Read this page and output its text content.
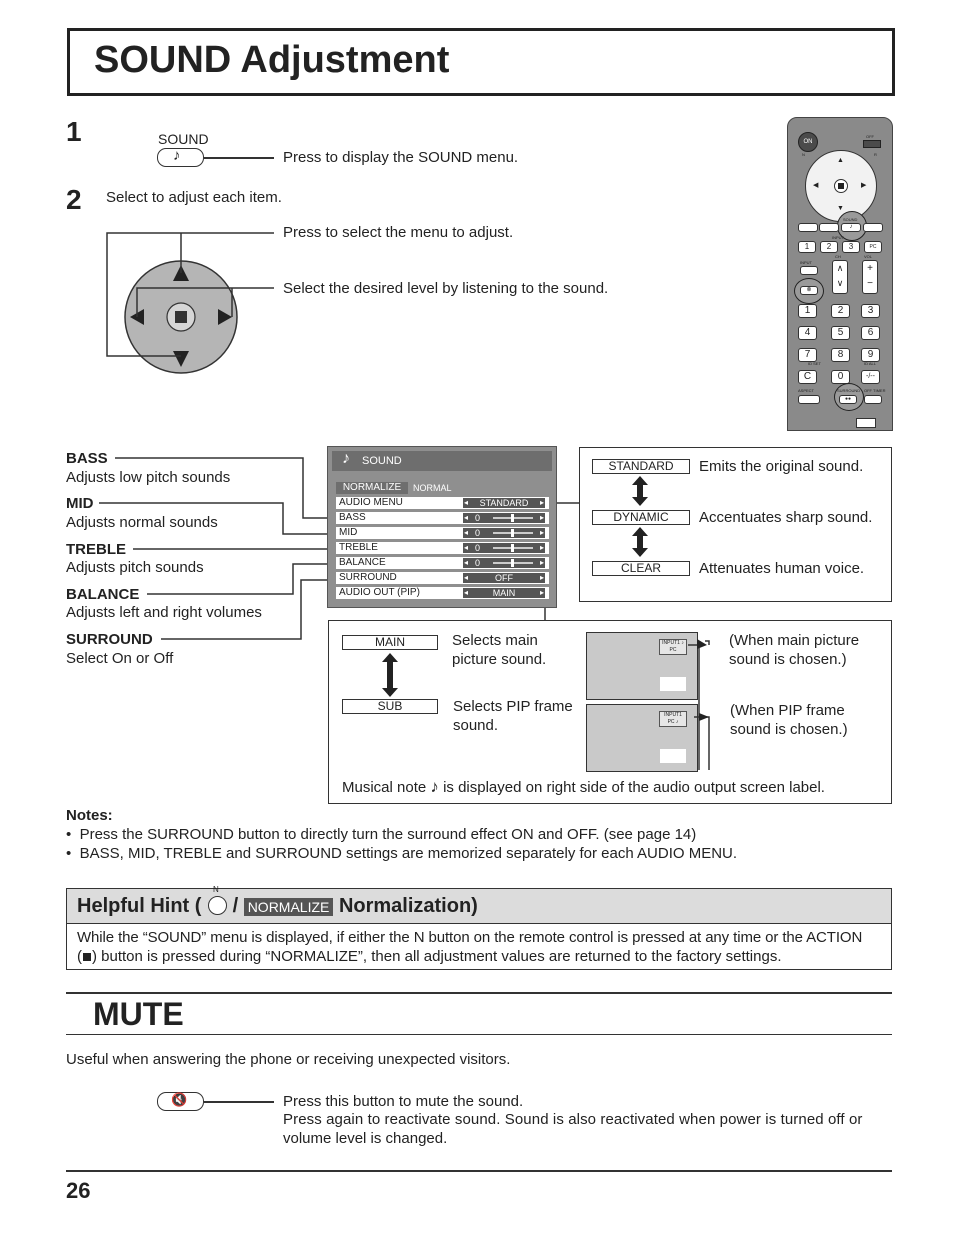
SOUND Adjustment
1	SOUND
♪	Press to display the SOUND menu.
2 Select to adjust each item.
Press to select the menu to adjust.
Select the desired level by listening to the sound.
ON
OFF
N	R
▲
▼
◀	▶
SOUND
♪
INPUT
1	2	3	PC
CH	VOL
INPUT
∧
∨
+
−
⊗
1	2	3
4	5	6
7	8	9
ID SET	ID ALL
C	0	-/--
ASPECT	SURROUND
●●
OFF TIMER
BASS
Adjusts low pitch sounds
MID
Adjusts normal sounds
TREBLE
Adjusts pitch sounds
BALANCE
Adjusts left and right volumes
SURROUND
Select On or Off
♪ SOUND
NORMALIZE	NORMAL
AUDIO MENU	◂ STANDARD ▸
BASS	◂ 0	▸
MID	◂ 0	▸
TREBLE	◂ 0	▸
BALANCE	◂ 0	▸
SURROUND	◂	OFF	▸
AUDIO OUT (PIP)	◂	MAIN	▸
STANDARD	Emits the original sound.
DYNAMIC	Accentuates sharp sound.
CLEAR	Attenuates human voice.
MAIN	Selects main
picture sound.
SUB	Selects PIP frame
sound.
INPUT1 ♪
PC
INPUT1
PC ♪
(When main picture
sound is chosen.)
(When PIP frame
sound is chosen.)
Musical note ♪ is displayed on right side of the audio output screen label.
Notes:
•  Press the SURROUND button to directly turn the surround effect ON and OFF. (see page 14)
•  BASS, MID, TREBLE and SURROUND settings are memorized separately for each AUDIO MENU.
Helpful Hint (
N
/ NORMALIZE Normalization)
While the “SOUND” menu is displayed, if either the N button on the remote control is pressed at any time or the ACTION
( ) button is pressed during “NORMALIZE”, then all adjustment values are returned to the factory settings.
MUTE
Useful when answering the phone or receiving unexpected visitors.
🔇	Press this button to mute the sound.
Press again to reactivate sound. Sound is also reactivated when power is turned off or
volume level is changed.
26
